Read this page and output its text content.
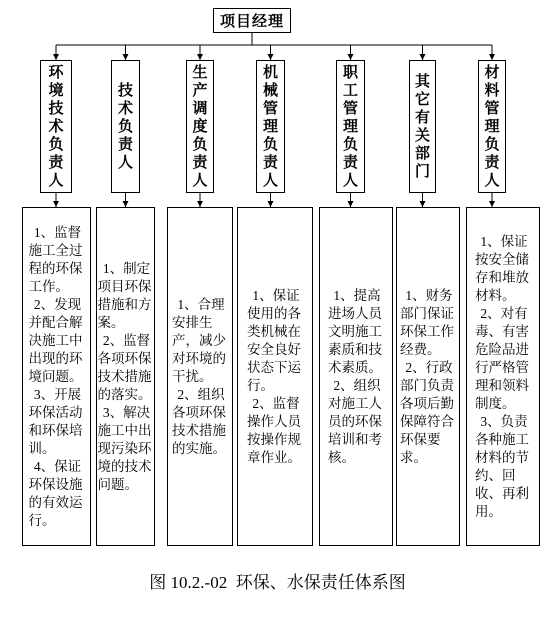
项目经理
环境技术负责人
技术负责人
生产调度负责人
机械管理负责人
职工管理负责人
其它有关部门
材料管理负责人

1、监督施工全过程的环保工作。

2、发现并配合解决施工中出现的环境问题。

3、开展环保活动和环保培训。

4、保证环保设施的有效运行。

1、制定项目环保措施和方案。

2、监督各项环保技术措施的落实。

3、解决施工中出现污染环境的技术问题。

1、合理安排生产，减少对环境的干扰。

2、组织各项环保技术措施的实施。

1、保证使用的各类机械在安全良好状态下运行。

2、监督操作人员按操作规章作业。

1、提高进场人员文明施工素质和技术素质。

2、组织对施工人员的环保培训和考核。

1、财务部门保证环保工作经费。

2、行政部门负责各项后勤保障符合环保要求。

1、保证按安全储存和堆放材料。

2、对有毒、有害危险品进行严格管理和领料制度。

3、负责各种施工材料的节约、回收、再利用。

图 10.2.-02  环保、水保责任体系图
